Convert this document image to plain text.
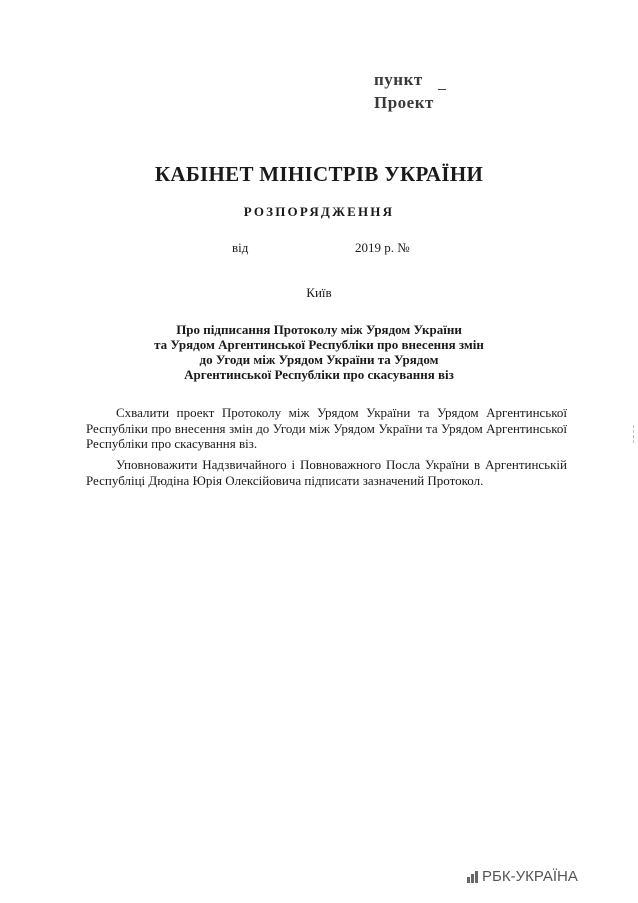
пункт
Проект
КАБІНЕТ МІНІСТРІВ УКРАЇНИ
РОЗПОРЯДЖЕННЯ
від	2019 р. №
Київ
Про підписання Протоколу між Урядом України
та Урядом Аргентинської Республіки про внесення змін
до Угоди між Урядом України та Урядом
Аргентинської Республіки про скасування віз
Схвалити проект Протоколу між Урядом України та Урядом Аргентинської Республіки про внесення змін до Угоди між Урядом України та Урядом Аргентинської Республіки про скасування віз.
Уповноважити Надзвичайного і Повноважного Посла України в Аргентинській Республіці Дюдіна Юрія Олексійовича підписати зазначений Протокол.
РБК-УКРАЇНА
